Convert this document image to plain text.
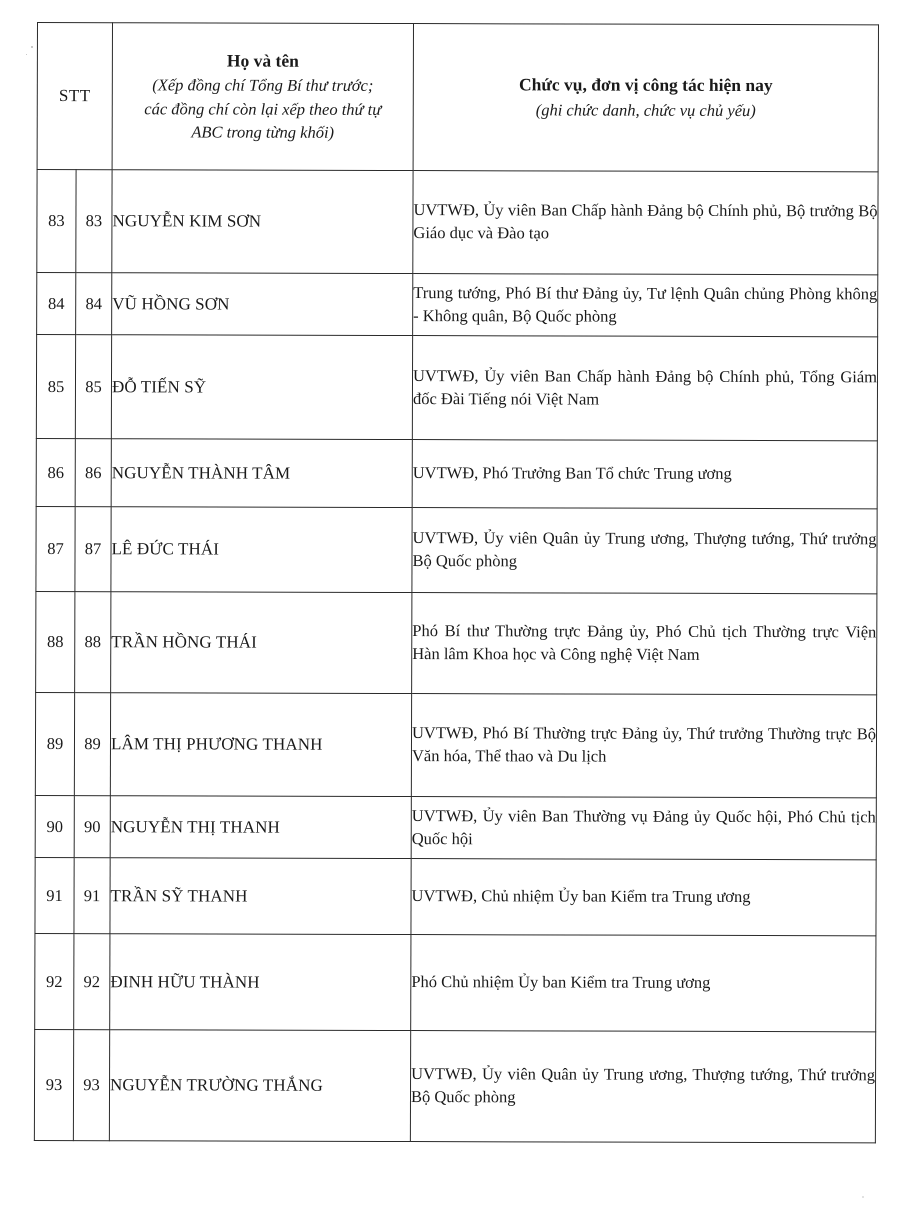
STT		Họ và tên
(Xếp đồng chí Tổng Bí thư trước;
các đồng chí còn lại xếp theo thứ tự
ABC trong từng khối)	Chức vụ, đơn vị công tác hiện nay
(ghi chức danh, chức vụ chủ yếu)

83	83	NGUYỄN KIM SƠN	UVTWĐ, Ủy viên Ban Chấp hành Đảng bộ Chính phủ, Bộ trưởng Bộ Giáo dục và Đào tạo

84	84	VŨ HỒNG SƠN	Trung tướng, Phó Bí thư Đảng ủy, Tư lệnh Quân chủng Phòng không - Không quân, Bộ Quốc phòng

85	85	ĐỖ TIẾN SỸ	UVTWĐ, Ủy viên Ban Chấp hành Đảng bộ Chính phủ, Tổng Giám đốc Đài Tiếng nói Việt Nam

86	86	NGUYỄN THÀNH TÂM	UVTWĐ, Phó Trưởng Ban Tổ chức Trung ương

87	87	LÊ ĐỨC THÁI	UVTWĐ, Ủy viên Quân ủy Trung ương, Thượng tướng, Thứ trưởng Bộ Quốc phòng

88	88	TRẦN HỒNG THÁI	Phó Bí thư Thường trực Đảng ủy, Phó Chủ tịch Thường trực Viện Hàn lâm Khoa học và Công nghệ Việt Nam

89	89	LÂM THỊ PHƯƠNG THANH	UVTWĐ, Phó Bí Thường trực Đảng ủy, Thứ trưởng Thường trực Bộ Văn hóa, Thể thao và Du lịch

90	90	NGUYỄN THỊ THANH	UVTWĐ, Ủy viên Ban Thường vụ Đảng ủy Quốc hội, Phó Chủ tịch Quốc hội

91	91	TRẦN SỸ THANH	UVTWĐ, Chủ nhiệm Ủy ban Kiểm tra Trung ương

92	92	ĐINH HỮU THÀNH	Phó Chủ nhiệm Ủy ban Kiểm tra Trung ương

93	93	NGUYỄN TRƯỜNG THẮNG	UVTWĐ, Ủy viên Quân ủy Trung ương, Thượng tướng, Thứ trưởng Bộ Quốc phòng
